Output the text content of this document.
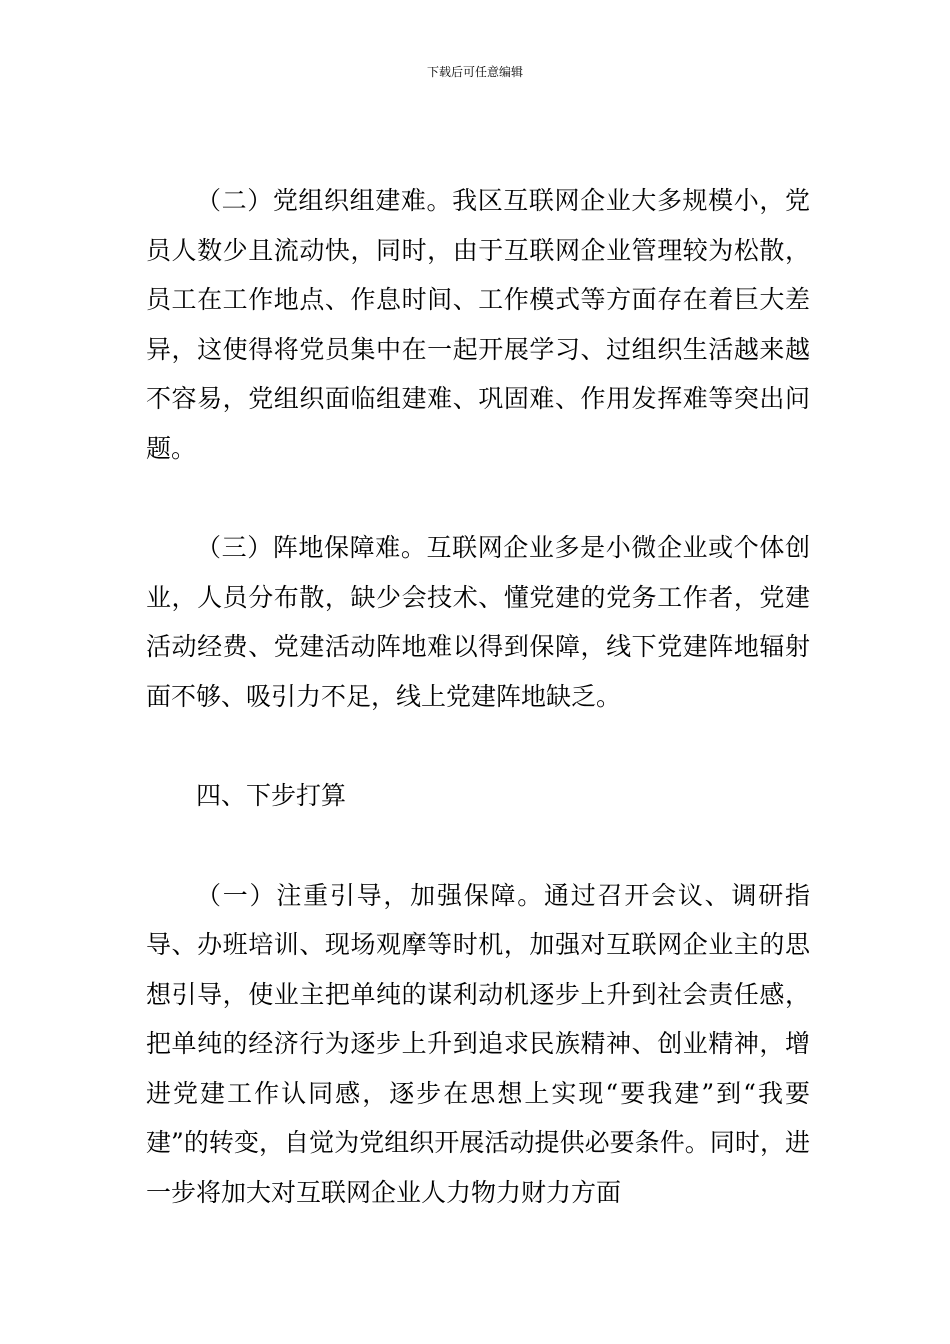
下载后可任意编辑

（二）党组织组建难。我区互联网企业大多规模小，党员人数少且流动快，同时，由于互联网企业管理较为松散，员工在工作地点、作息时间、工作模式等方面存在着巨大差异，这使得将党员集中在一起开展学习、过组织生活越来越不容易，党组织面临组建难、巩固难、作用发挥难等突出问题。

（三）阵地保障难。互联网企业多是小微企业或个体创业，人员分布散，缺少会技术、懂党建的党务工作者，党建活动经费、党建活动阵地难以得到保障，线下党建阵地辐射面不够、吸引力不足，线上党建阵地缺乏。

四、下步打算

（一）注重引导，加强保障。通过召开会议、调研指导、办班培训、现场观摩等时机，加强对互联网企业主的思想引导，使业主把单纯的谋利动机逐步上升到社会责任感，把单纯的经济行为逐步上升到追求民族精神、创业精神，增进党建工作认同感，逐步在思想上实现“要我建”到“我要建”的转变，自觉为党组织开展活动提供必要条件。同时，进一步将加大对互联网企业人力物力财力方面
